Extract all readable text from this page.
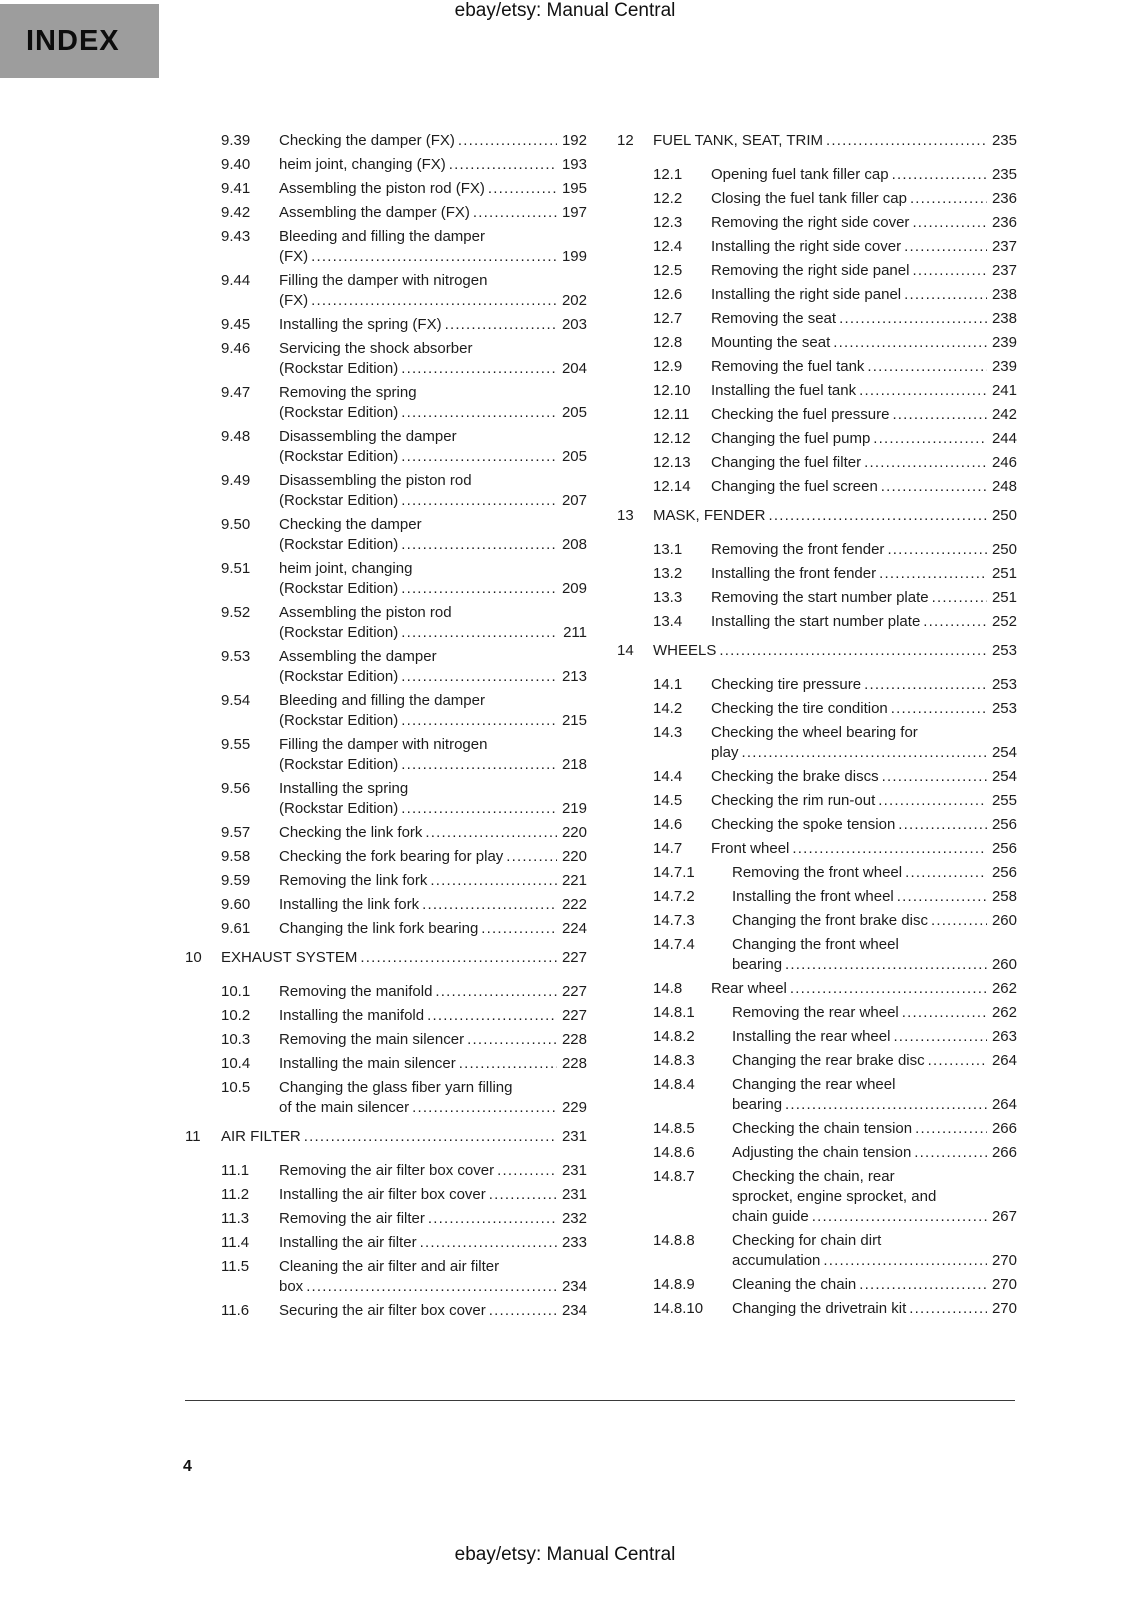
ebay/etsy: Manual Central
INDEX
9.39	Checking the damper (FX) .....	192
9.40	heim joint, changing (FX) .....	193
9.41	Assembling the piston rod (FX) .....	195
9.42	Assembling the damper (FX) .....	197
9.43	Bleeding and filling the damper
(FX) .....	199
9.44	Filling the damper with nitrogen
(FX) .....	202
9.45	Installing the spring (FX) .....	203
9.46	Servicing the shock absorber
(Rockstar Edition) .....	204
9.47	Removing the spring
(Rockstar Edition) .....	205
9.48	Disassembling the damper
(Rockstar Edition) .....	205
9.49	Disassembling the piston rod
(Rockstar Edition) .....	207
9.50	Checking the damper
(Rockstar Edition) .....	208
9.51	heim joint, changing
(Rockstar Edition) .....	209
9.52	Assembling the piston rod
(Rockstar Edition) .....	211
9.53	Assembling the damper
(Rockstar Edition) .....	213
9.54	Bleeding and filling the damper
(Rockstar Edition) .....	215
9.55	Filling the damper with nitrogen
(Rockstar Edition) .....	218
9.56	Installing the spring
(Rockstar Edition) .....	219
9.57	Checking the link fork .....	220
9.58	Checking the fork bearing for play .....	220
9.59	Removing the link fork .....	221
9.60	Installing the link fork .....	222
9.61	Changing the link fork bearing .....	224
10	EXHAUST SYSTEM .....	227
10.1	Removing the manifold .....	227
10.2	Installing the manifold .....	227
10.3	Removing the main silencer .....	228
10.4	Installing the main silencer .....	228
10.5	Changing the glass fiber yarn filling
of the main silencer .....	229
11	AIR FILTER .....	231
11.1	Removing the air filter box cover .....	231
11.2	Installing the air filter box cover .....	231
11.3	Removing the air filter .....	232
11.4	Installing the air filter .....	233
11.5	Cleaning the air filter and air filter
box .....	234
11.6	Securing the air filter box cover .....	234
12	FUEL TANK, SEAT, TRIM .....	235
12.1	Opening fuel tank filler cap .....	235
12.2	Closing the fuel tank filler cap .....	236
12.3	Removing the right side cover .....	236
12.4	Installing the right side cover .....	237
12.5	Removing the right side panel .....	237
12.6	Installing the right side panel .....	238
12.7	Removing the seat .....	238
12.8	Mounting the seat .....	239
12.9	Removing the fuel tank .....	239
12.10	Installing the fuel tank .....	241
12.11	Checking the fuel pressure .....	242
12.12	Changing the fuel pump .....	244
12.13	Changing the fuel filter .....	246
12.14	Changing the fuel screen .....	248
13	MASK, FENDER .....	250
13.1	Removing the front fender .....	250
13.2	Installing the front fender .....	251
13.3	Removing the start number plate .....	251
13.4	Installing the start number plate .....	252
14	WHEELS .....	253
14.1	Checking tire pressure .....	253
14.2	Checking the tire condition .....	253
14.3	Checking the wheel bearing for
play .....	254
14.4	Checking the brake discs .....	254
14.5	Checking the rim run-out .....	255
14.6	Checking the spoke tension .....	256
14.7	Front wheel .....	256
14.7.1	Removing the front wheel .....	256
14.7.2	Installing the front wheel .....	258
14.7.3	Changing the front brake disc .....	260
14.7.4	Changing the front wheel
bearing .....	260
14.8	Rear wheel .....	262
14.8.1	Removing the rear wheel .....	262
14.8.2	Installing the rear wheel .....	263
14.8.3	Changing the rear brake disc .....	264
14.8.4	Changing the rear wheel
bearing .....	264
14.8.5	Checking the chain tension .....	266
14.8.6	Adjusting the chain tension .....	266
14.8.7	Checking the chain, rear
sprocket, engine sprocket, and
chain guide .....	267
14.8.8	Checking for chain dirt
accumulation .....	270
14.8.9	Cleaning the chain .....	270
14.8.10	Changing the drivetrain kit .....	270
4
ebay/etsy: Manual Central
